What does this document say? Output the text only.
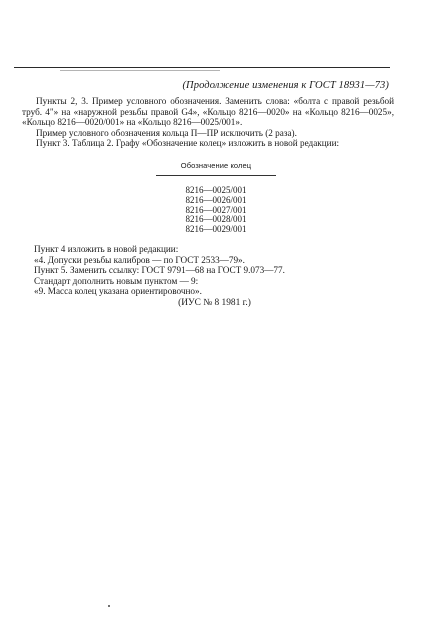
(Продолжение изменения к ГОСТ 18931—73)

Пункты 2, 3. Пример условного обозначения. Заменить слова: «болта с правой резьбой труб. 4"» на «наружной резьбы правой G4», «Кольцо 8216—0020» на «Кольцо 8216—0025», «Кольцо 8216—0020/001» на «Кольцо 8216—0025/001».

Пример условного обозначения кольца П—ПР исключить (2 раза).

Пункт 3. Таблица 2. Графу «Обозначение колец» изложить в новой редакции:

Обозначение колец
8216—0025/001
8216—0026/001
8216—0027/001
8216—0028/001
8216—0029/001

Пункт 4 изложить в новой редакции:

«4. Допуски резьбы калибров — по ГОСТ 2533—79».

Пункт 5. Заменить ссылку: ГОСТ 9791—68 на ГОСТ 9.073—77.

Стандарт дополнить новым пунктом — 9:

«9. Масса колец указана ориентировочно».

(ИУС № 8 1981 г.)
